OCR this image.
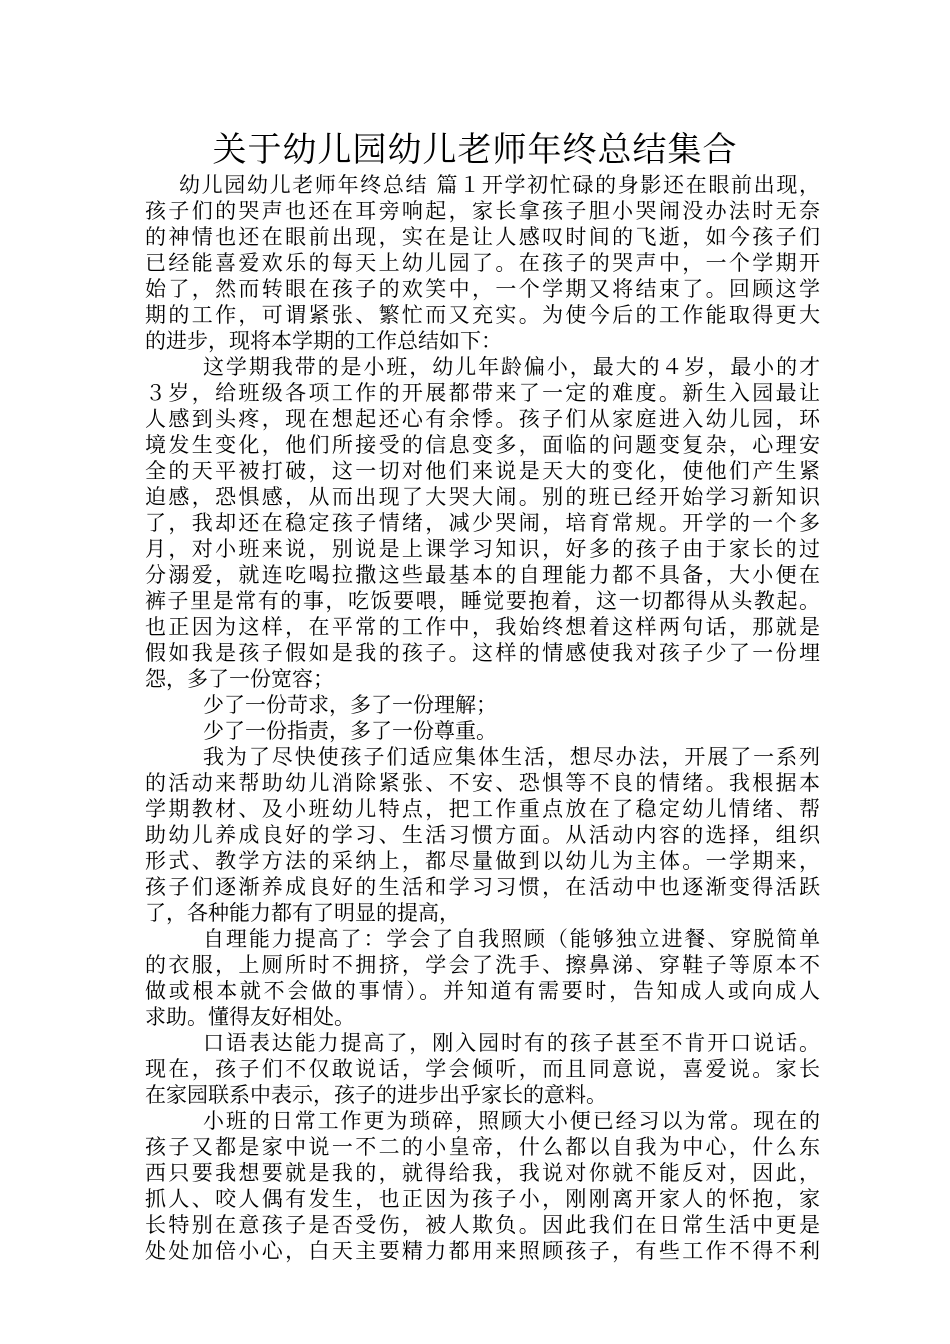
关于幼儿园幼儿老师年终总结集合
幼儿园幼儿老师年终总结 篇１开学初忙碌的身影还在眼前出现，
孩子们的哭声也还在耳旁响起，家长拿孩子胆小哭闹没办法时无奈
的神情也还在眼前出现，实在是让人感叹时间的飞逝，如今孩子们
已经能喜爱欢乐的每天上幼儿园了。在孩子的哭声中，一个学期开
始了，然而转眼在孩子的欢笑中，一个学期又将结束了。回顾这学
期的工作，可谓紧张、繁忙而又充实。为使今后的工作能取得更大
的进步，现将本学期的工作总结如下：
这学期我带的是小班，幼儿年龄偏小，最大的４岁，最小的才
３岁，给班级各项工作的开展都带来了一定的难度。新生入园最让
人感到头疼，现在想起还心有余悸。孩子们从家庭进入幼儿园，环
境发生变化，他们所接受的信息变多，面临的问题变复杂，心理安
全的天平被打破，这一切对他们来说是天大的变化，使他们产生紧
迫感，恐惧感，从而出现了大哭大闹。别的班已经开始学习新知识
了，我却还在稳定孩子情绪，减少哭闹，培育常规。开学的一个多
月，对小班来说，别说是上课学习知识，好多的孩子由于家长的过
分溺爱，就连吃喝拉撒这些最基本的自理能力都不具备，大小便在
裤子里是常有的事，吃饭要喂，睡觉要抱着，这一切都得从头教起。
也正因为这样，在平常的工作中，我始终想着这样两句话，那就是
假如我是孩子假如是我的孩子。这样的情感使我对孩子少了一份埋
怨，多了一份宽容；
少了一份苛求，多了一份理解；
少了一份指责，多了一份尊重。
我为了尽快使孩子们适应集体生活，想尽办法，开展了一系列
的活动来帮助幼儿消除紧张、不安、恐惧等不良的情绪。我根据本
学期教材、及小班幼儿特点，把工作重点放在了稳定幼儿情绪、帮
助幼儿养成良好的学习、生活习惯方面。从活动内容的选择，组织
形式、教学方法的采纳上，都尽量做到以幼儿为主体。一学期来，
孩子们逐渐养成良好的生活和学习习惯，在活动中也逐渐变得活跃
了，各种能力都有了明显的提高，
自理能力提高了：学会了自我照顾（能够独立进餐、穿脱简单
的衣服，上厕所时不拥挤，学会了洗手、擦鼻涕、穿鞋子等原本不
做或根本就不会做的事情）。并知道有需要时，告知成人或向成人
求助。懂得友好相处。
口语表达能力提高了，刚入园时有的孩子甚至不肯开口说话。
现在，孩子们不仅敢说话，学会倾听，而且同意说，喜爱说。家长
在家园联系中表示，孩子的进步出乎家长的意料。
小班的日常工作更为琐碎，照顾大小便已经习以为常。现在的
孩子又都是家中说一不二的小皇帝，什么都以自我为中心，什么东
西只要我想要就是我的，就得给我，我说对你就不能反对，因此，
抓人、咬人偶有发生，也正因为孩子小，刚刚离开家人的怀抱，家
长特别在意孩子是否受伤，被人欺负。因此我们在日常生活中更是
处处加倍小心，白天主要精力都用来照顾孩子，有些工作不得不利
